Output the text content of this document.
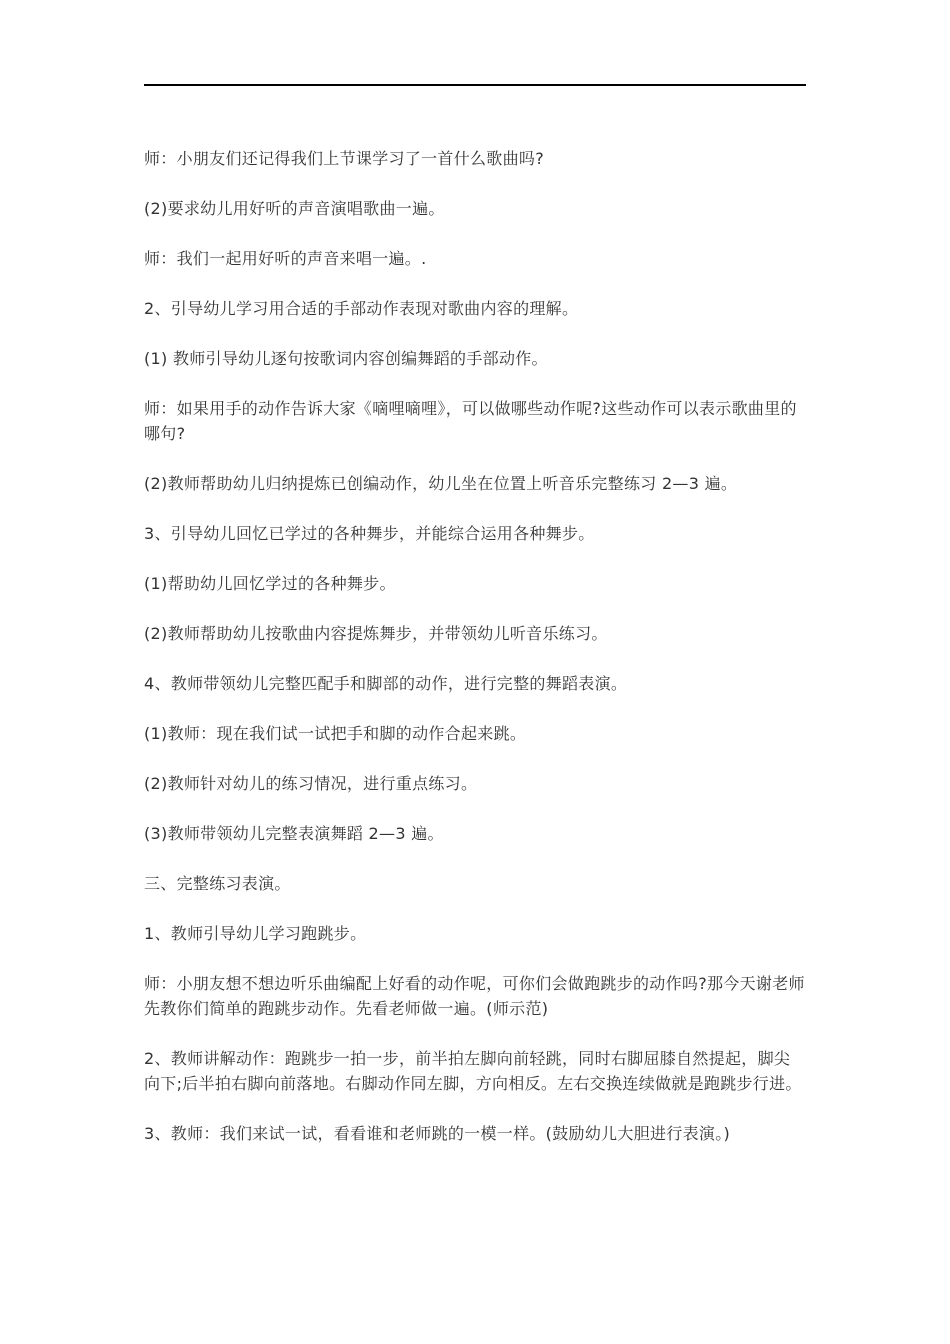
师：小朋友们还记得我们上节课学习了一首什么歌曲吗?

(2)要求幼儿用好听的声音演唱歌曲一遍。

师：我们一起用好听的声音来唱一遍。.

2、引导幼儿学习用合适的手部动作表现对歌曲内容的理解。

(1) 教师引导幼儿逐句按歌词内容创编舞蹈的手部动作。

师：如果用手的动作告诉大家《嘀哩嘀哩》，可以做哪些动作呢?这些动作可以表示歌曲里的哪句?

(2)教师帮助幼儿归纳提炼已创编动作，幼儿坐在位置上听音乐完整练习 2—3 遍。

3、引导幼儿回忆已学过的各种舞步，并能综合运用各种舞步。

(1)帮助幼儿回忆学过的各种舞步。

(2)教师帮助幼儿按歌曲内容提炼舞步，并带领幼儿听音乐练习。

4、教师带领幼儿完整匹配手和脚部的动作，进行完整的舞蹈表演。

(1)教师：现在我们试一试把手和脚的动作合起来跳。

(2)教师针对幼儿的练习情况，进行重点练习。

(3)教师带领幼儿完整表演舞蹈 2—3 遍。

三、完整练习表演。

1、教师引导幼儿学习跑跳步。

师：小朋友想不想边听乐曲编配上好看的动作呢，可你们会做跑跳步的动作吗?那今天谢老师先教你们简单的跑跳步动作。先看老师做一遍。(师示范)

2、教师讲解动作：跑跳步一拍一步，前半拍左脚向前轻跳，同时右脚屈膝自然提起，脚尖向下;后半拍右脚向前落地。右脚动作同左脚，方向相反。左右交换连续做就是跑跳步行进。

3、教师：我们来试一试，看看谁和老师跳的一模一样。(鼓励幼儿大胆进行表演。)
